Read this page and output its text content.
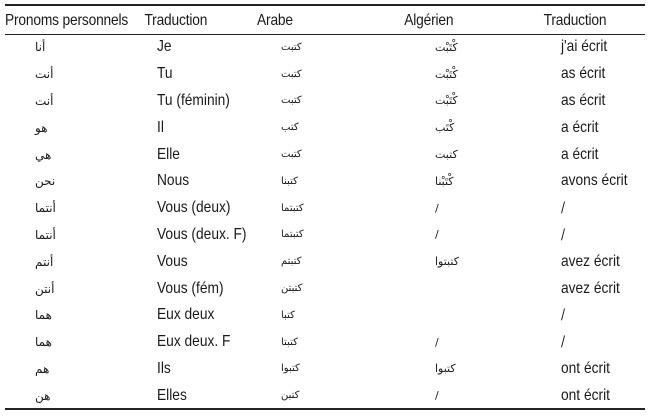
Pronoms personnels	Traduction	Arabe	Algérien	Traduction
أنا	Je	كتبت	كْتَبْت	j'ai écrit
أنت	Tu	كتبت	كْتَبْت	as écrit
أنت	Tu (féminin)	كتبت	كْتَبْت	as écrit
هو	Il	كتب	كْتَب	a écrit
هي	Elle	كتبت	كتبت	a écrit
نحن	Nous	كتبنا	كْتَبْنا	avons écrit
أنتما	Vous (deux)	كتبتما	/	/
أنتما	Vous (deux. F)	كتبتما	/	/
أنتم	Vous	كتبتم	كتبتوا	avez écrit
أنتن	Vous (fém)	كتبتن		avez écrit
هما	Eux deux	كتبا		/
هما	Eux deux. F	كتبتا	/	/
هم	Ils	كتبوا	كتبوا	ont écrit
هن	Elles	كتبن	/	ont écrit
